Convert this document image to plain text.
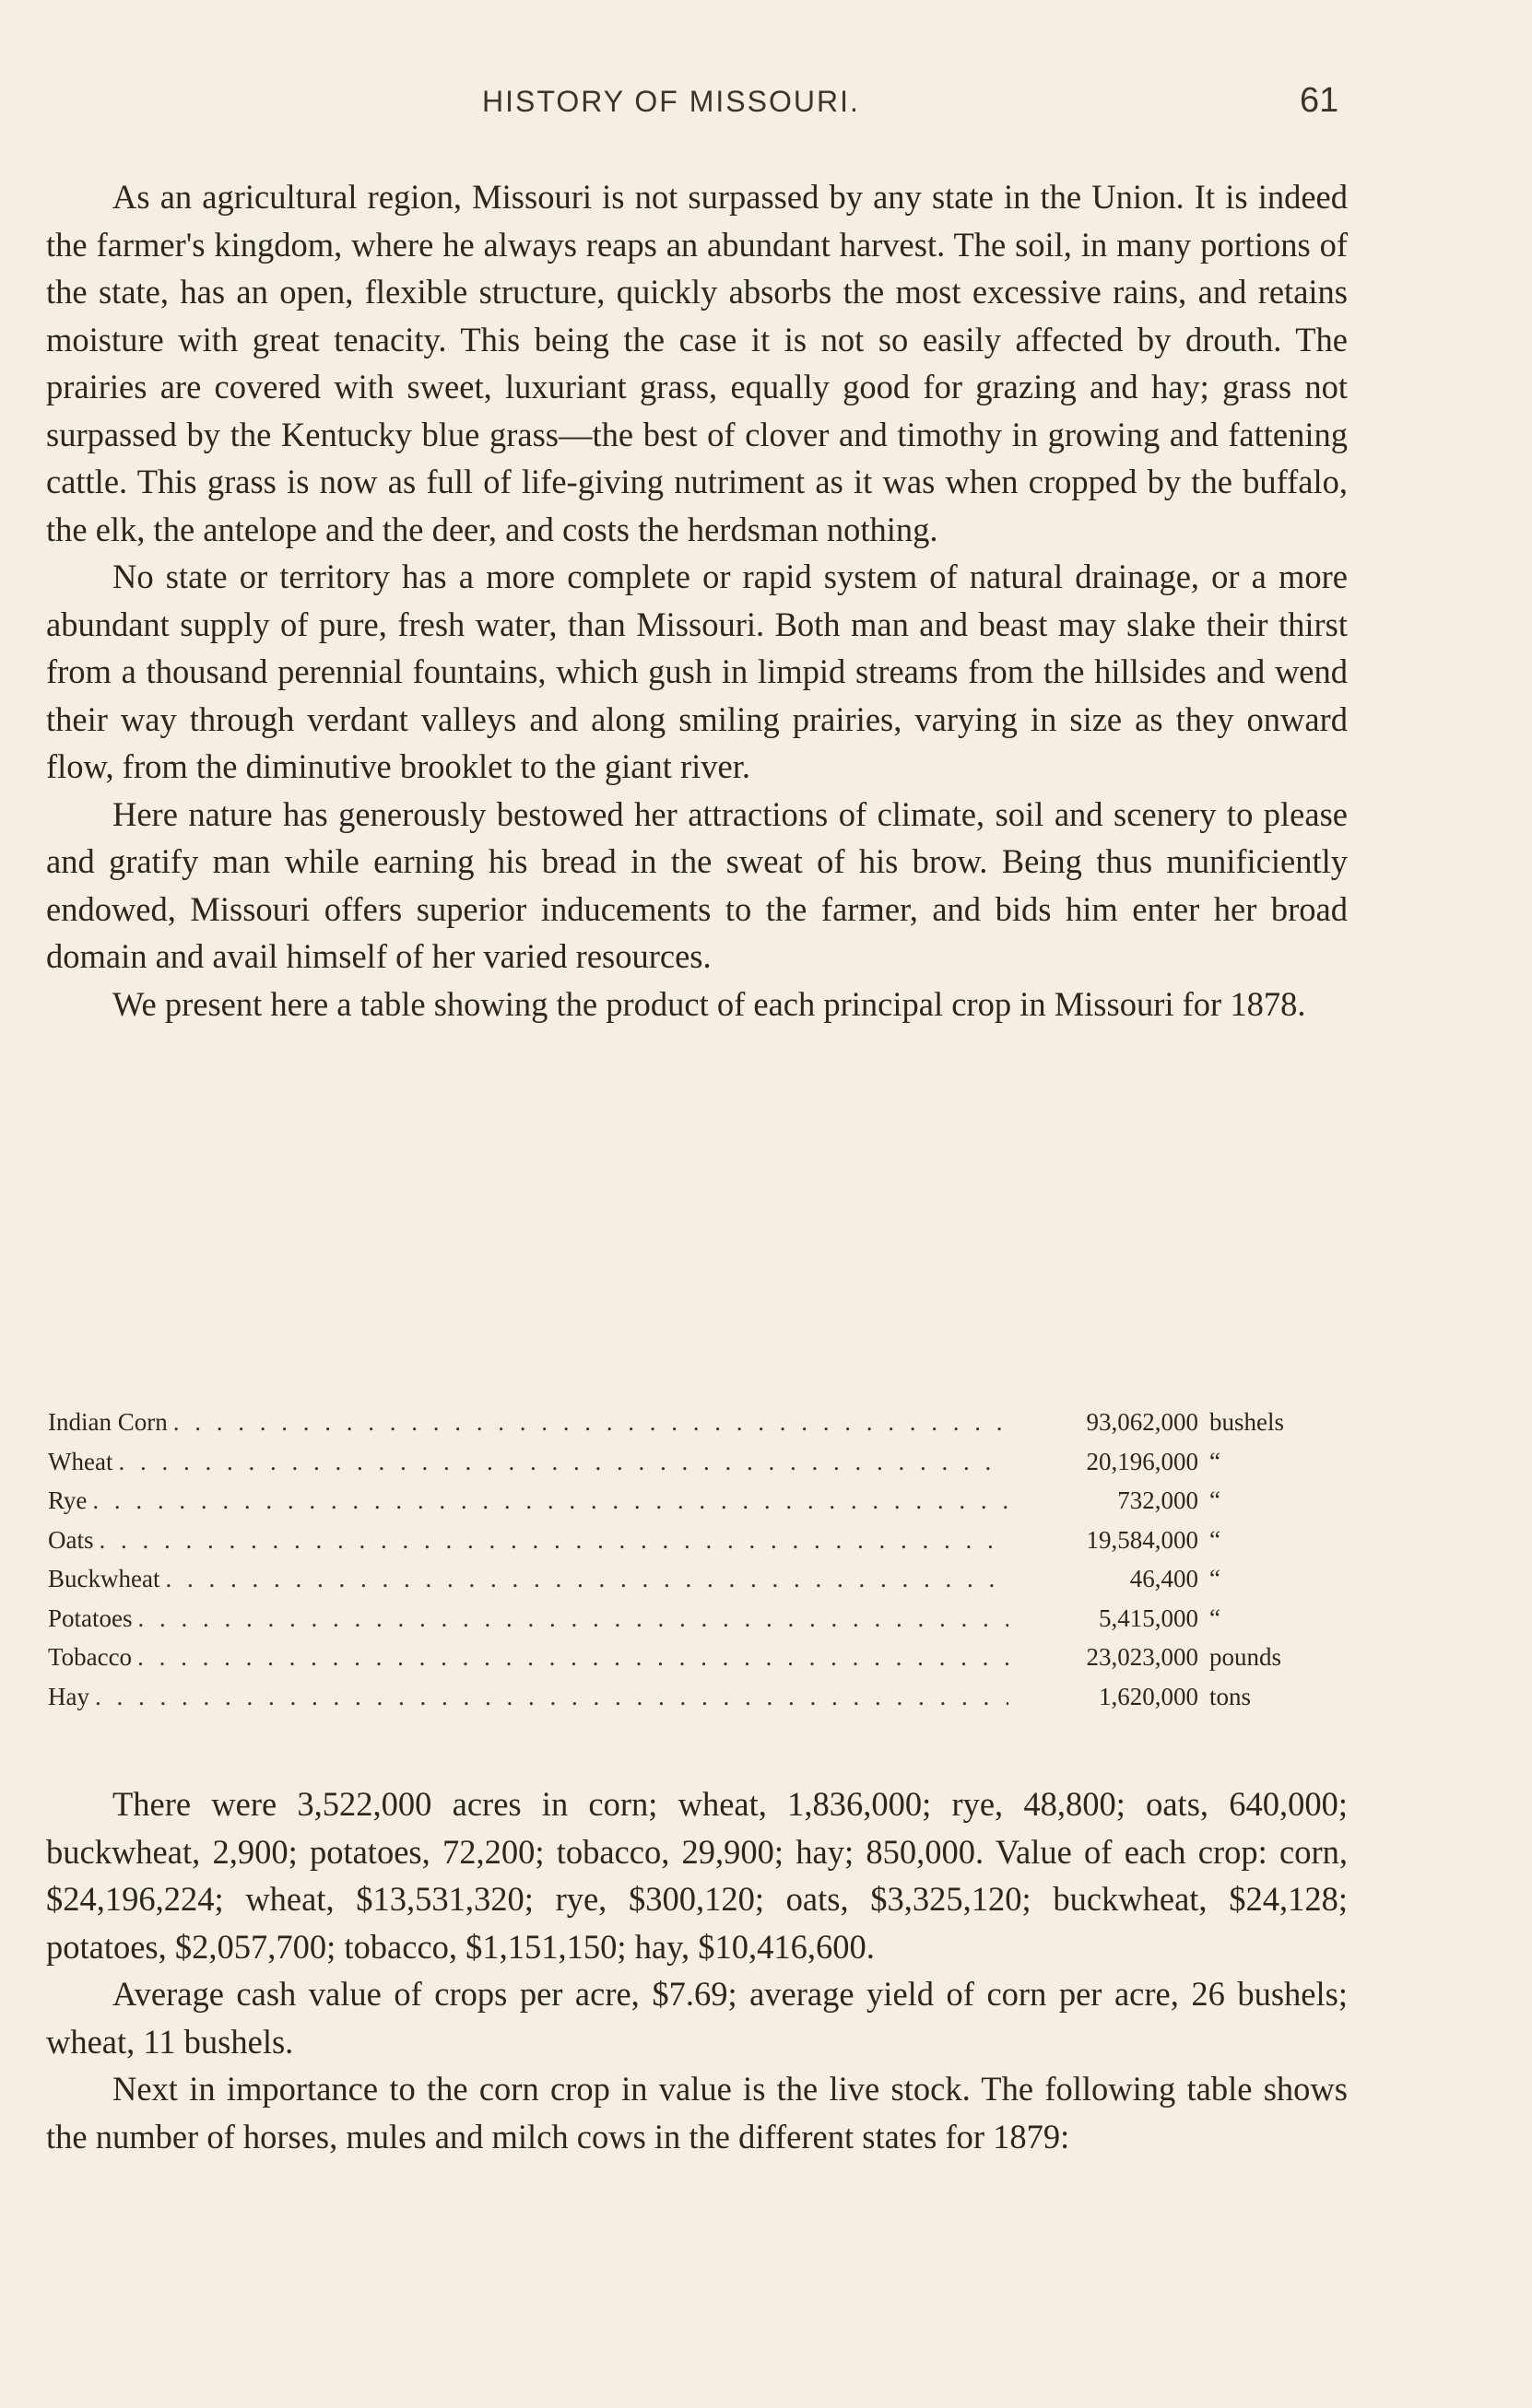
HISTORY OF MISSOURI.	61

As an agricultural region, Missouri is not surpassed by any state in the Union. It is indeed the farmer's kingdom, where he always reaps an abundant harvest. The soil, in many portions of the state, has an open, flexible structure, quickly absorbs the most excessive rains, and retains moisture with great tenacity. This being the case it is not so easily affected by drouth. The prairies are covered with sweet, luxuriant grass, equally good for grazing and hay; grass not surpassed by the Kentucky blue grass—the best of clover and timothy in growing and fattening cattle. This grass is now as full of life-giving nutriment as it was when cropped by the buffalo, the elk, the antelope and the deer, and costs the herdsman nothing.

No state or territory has a more complete or rapid system of natural drainage, or a more abundant supply of pure, fresh water, than Missouri. Both man and beast may slake their thirst from a thousand perennial fountains, which gush in limpid streams from the hillsides and wend their way through verdant valleys and along smiling prairies, varying in size as they onward flow, from the diminutive brooklet to the giant river.

Here nature has generously bestowed her attractions of climate, soil and scenery to please and gratify man while earning his bread in the sweat of his brow. Being thus munificiently endowed, Missouri offers superior inducements to the farmer, and bids him enter her broad domain and avail himself of her varied resources.

We present here a table showing the product of each principal crop in Missouri for 1878.

Indian Corn . . .	93,062,000 bushels
Wheat . . .	20,196,000 “
Rye . . .	732,000 “
Oats . . .	19,584,000 “
Buckwheat . . .	46,400 “
Potatoes . . .	5,415,000 “
Tobacco . . .	23,023,000 pounds
Hay . . .	1,620,000 tons

There were 3,522,000 acres in corn; wheat, 1,836,000; rye, 48,800; oats, 640,000; buckwheat, 2,900; potatoes, 72,200; tobacco, 29,900; hay; 850,000. Value of each crop: corn, $24,196,224; wheat, $13,531,320; rye, $300,120; oats, $3,325,120; buckwheat, $24,128; potatoes, $2,057,700; tobacco, $1,151,150; hay, $10,416,600.

Average cash value of crops per acre, $7.69; average yield of corn per acre, 26 bushels; wheat, 11 bushels.

Next in importance to the corn crop in value is the live stock. The following table shows the number of horses, mules and milch cows in the different states for 1879:
